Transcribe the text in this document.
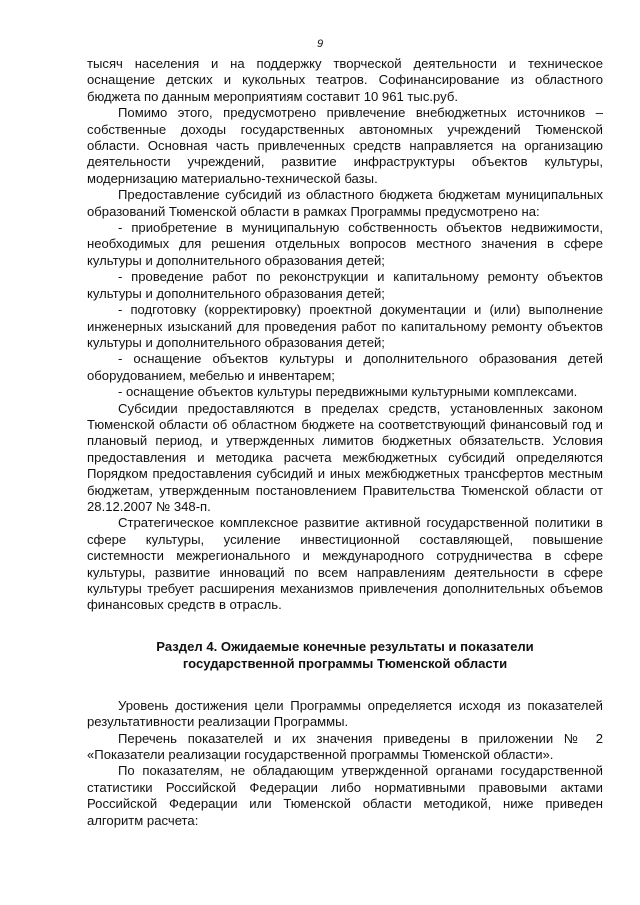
9

тысяч населения и на поддержку творческой деятельности и техническое оснащение детских и кукольных театров. Софинансирование из областного бюджета по данным мероприятиям составит 10 961 тыс.руб.

Помимо этого, предусмотрено привлечение внебюджетных источников – собственные доходы государственных автономных учреждений Тюменской области. Основная часть привлеченных средств направляется на организацию деятельности учреждений, развитие инфраструктуры объектов культуры, модернизацию материально-технической базы.

Предоставление субсидий из областного бюджета бюджетам муниципальных образований Тюменской области в рамках Программы предусмотрено на:

- приобретение в муниципальную собственность объектов недвижимости, необходимых для решения отдельных вопросов местного значения в сфере культуры и дополнительного образования детей;

- проведение работ по реконструкции и капитальному ремонту объектов культуры и дополнительного образования детей;

- подготовку (корректировку) проектной документации и (или) выполнение инженерных изысканий для проведения работ по капитальному ремонту объектов культуры и дополнительного образования детей;

- оснащение объектов культуры и дополнительного образования детей оборудованием, мебелью и инвентарем;

- оснащение объектов культуры передвижными культурными комплексами.

Субсидии предоставляются в пределах средств, установленных законом Тюменской области об областном бюджете на соответствующий финансовый год и плановый период, и утвержденных лимитов бюджетных обязательств. Условия предоставления и методика расчета межбюджетных субсидий определяются Порядком предоставления субсидий и иных межбюджетных трансфертов местным бюджетам, утвержденным постановлением Правительства Тюменской области от 28.12.2007 № 348-п.

Стратегическое комплексное развитие активной государственной политики в сфере культуры, усиление инвестиционной составляющей, повышение системности межрегионального и международного сотрудничества в сфере культуры, развитие инноваций по всем направлениям деятельности в сфере культуры требует расширения механизмов привлечения дополнительных объемов финансовых средств в отрасль.

Раздел 4. Ожидаемые конечные результаты и показатели
государственной программы Тюменской области

Уровень достижения цели Программы определяется исходя из показателей результативности реализации Программы.

Перечень показателей и их значения приведены в приложении № 2 «Показатели реализации государственной программы Тюменской области».

По показателям, не обладающим утвержденной органами государственной статистики Российской Федерации либо нормативными правовыми актами Российской Федерации или Тюменской области методикой, ниже приведен алгоритм расчета:
